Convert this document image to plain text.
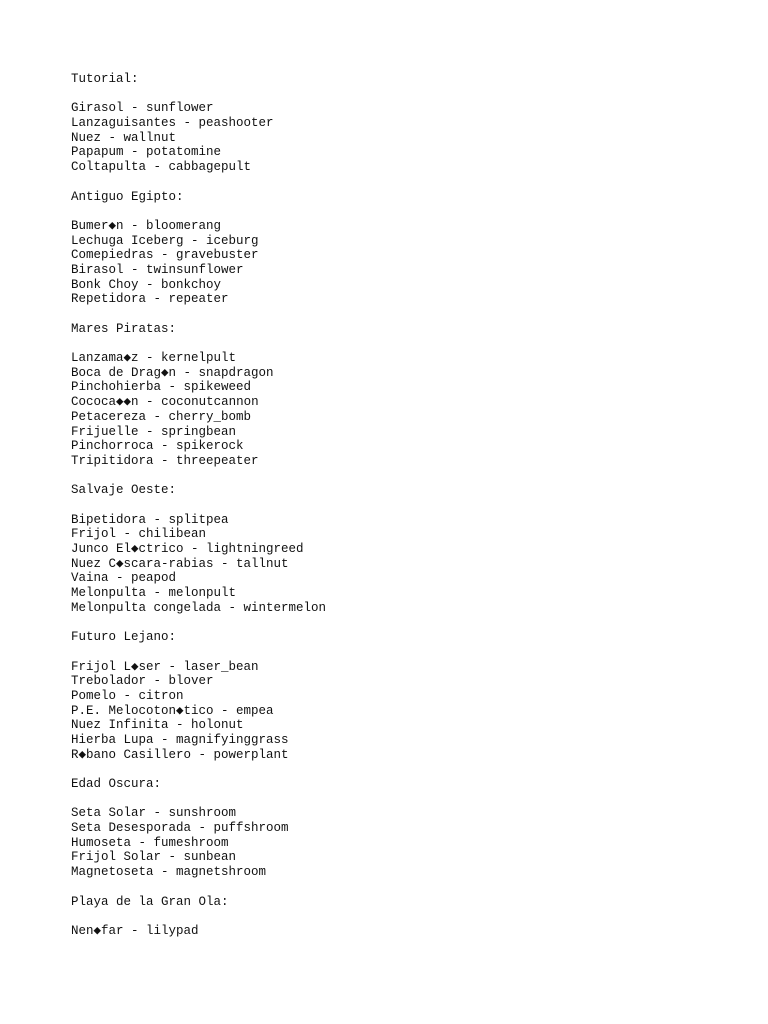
Tutorial:
Girasol - sunflower
Lanzaguisantes - peashooter
Nuez - wallnut
Papapum - potatomine
Coltapulta - cabbagepult
Antiguo Egipto:
Bumer◆n - bloomerang
Lechuga Iceberg - iceburg
Comepiedras - gravebuster
Birasol - twinsunflower
Bonk Choy - bonkchoy
Repetidora - repeater
Mares Piratas:
Lanzama◆z - kernelpult
Boca de Drag◆n - snapdragon
Pinchohierba - spikeweed
Cococa◆◆n - coconutcannon
Petacereza - cherry_bomb
Frijuelle - springbean
Pinchorroca - spikerock
Tripitidora - threepeater
Salvaje Oeste:
Bipetidora - splitpea
Frijol - chilibean
Junco El◆ctrico - lightningreed
Nuez C◆scara-rabias - tallnut
Vaina - peapod
Melonpulta - melonpult
Melonpulta congelada - wintermelon
Futuro Lejano:
Frijol L◆ser - laser_bean
Trebolador - blover
Pomelo - citron
P.E. Melocoton◆tico - empea
Nuez Infinita - holonut
Hierba Lupa - magnifyinggrass
R◆bano Casillero - powerplant
Edad Oscura:
Seta Solar - sunshroom
Seta Desesporada - puffshroom
Humoseta - fumeshroom
Frijol Solar - sunbean
Magnetoseta - magnetshroom
Playa de la Gran Ola:
Nen◆far - lilypad
